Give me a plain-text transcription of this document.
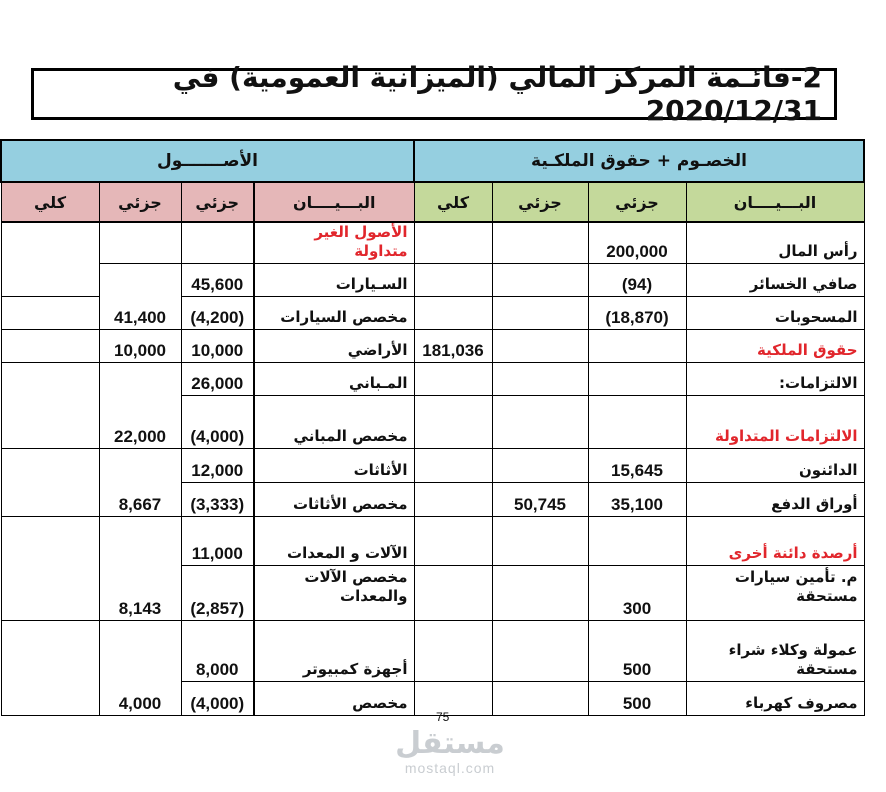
2-قائـمة المركز المالي (الميزانية العمومية) في 2020/12/31
الأصـــــــول				الخصـوم + حقوق الملكـية			
كلي	جزئي	جزئي	البـــيــــان	كلي	جزئي	جزئي	البـــيــــان
			الأصول الغير متداولة			200,000	رأس المال
	41,400	45,600	السـيارات			(94)	صافي الخسائر
		(4,200)	مخصص السيارات			(18,870)	المسحوبات
	10,000	10,000	الأراضي	181,036			حقوق الملكية
	22,000	26,000	المـباني				الالتزامات:
		(4,000)	مخصص المباني				الالتزامات المتداولة
	8,667	12,000	الأثاثات			15,645	الدائنون
		(3,333)	مخصص الأثاثات		50,745	35,100	أوراق الدفع
	8,143	11,000	الآلات و المعدات				أرصدة دائنة أخرى
		(2,857)	مخصص الآلات والمعدات			300	م. تأمين سيارات مستحقة
	4,000	8,000	أجهزة كمبيوتر			500	عمولة وكلاء شراء مستحقة
		(4,000)	مخصص			500	مصروف كهرباء
75
مستقل
mostaql.com
